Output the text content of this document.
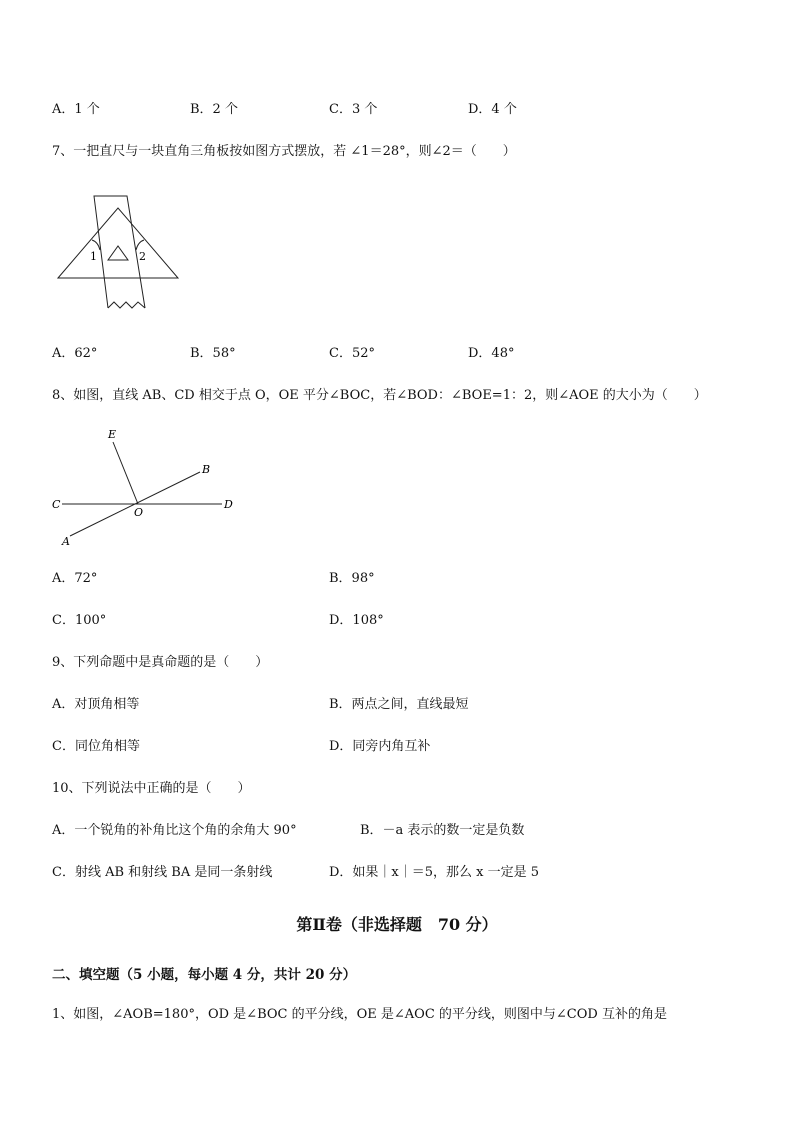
A．1 个	B．2 个	C．3 个	D．4 个
7、一把直尺与一块直角三角板按如图方式摆放，若 ∠1＝28°，则∠2＝（　　）
1	2
A．62°	B．58°	C．52°	D．48°
8、如图，直线 AB、CD 相交于点 O，OE 平分∠BOC，若∠BOD：∠BOE=1：2，则∠AOE 的大小为（　　）
E
B
C
O
D
A
A．72°	B．98°
C．100°	D．108°
9、下列命题中是真命题的是（　　）
A．对顶角相等	B．两点之间，直线最短
C．同位角相等	D．同旁内角互补
10、下列说法中正确的是（　　）
A．一个锐角的补角比这个角的余角大 90°	B．－a 表示的数一定是负数
C．射线 AB 和射线 BA 是同一条射线	D．如果｜x｜＝5，那么 x 一定是 5
第Ⅱ卷（非选择题　70 分）
二、填空题（5 小题，每小题 4 分，共计 20 分）
1、如图，∠AOB=180°，OD 是∠BOC 的平分线，OE 是∠AOC 的平分线，则图中与∠COD 互补的角是
